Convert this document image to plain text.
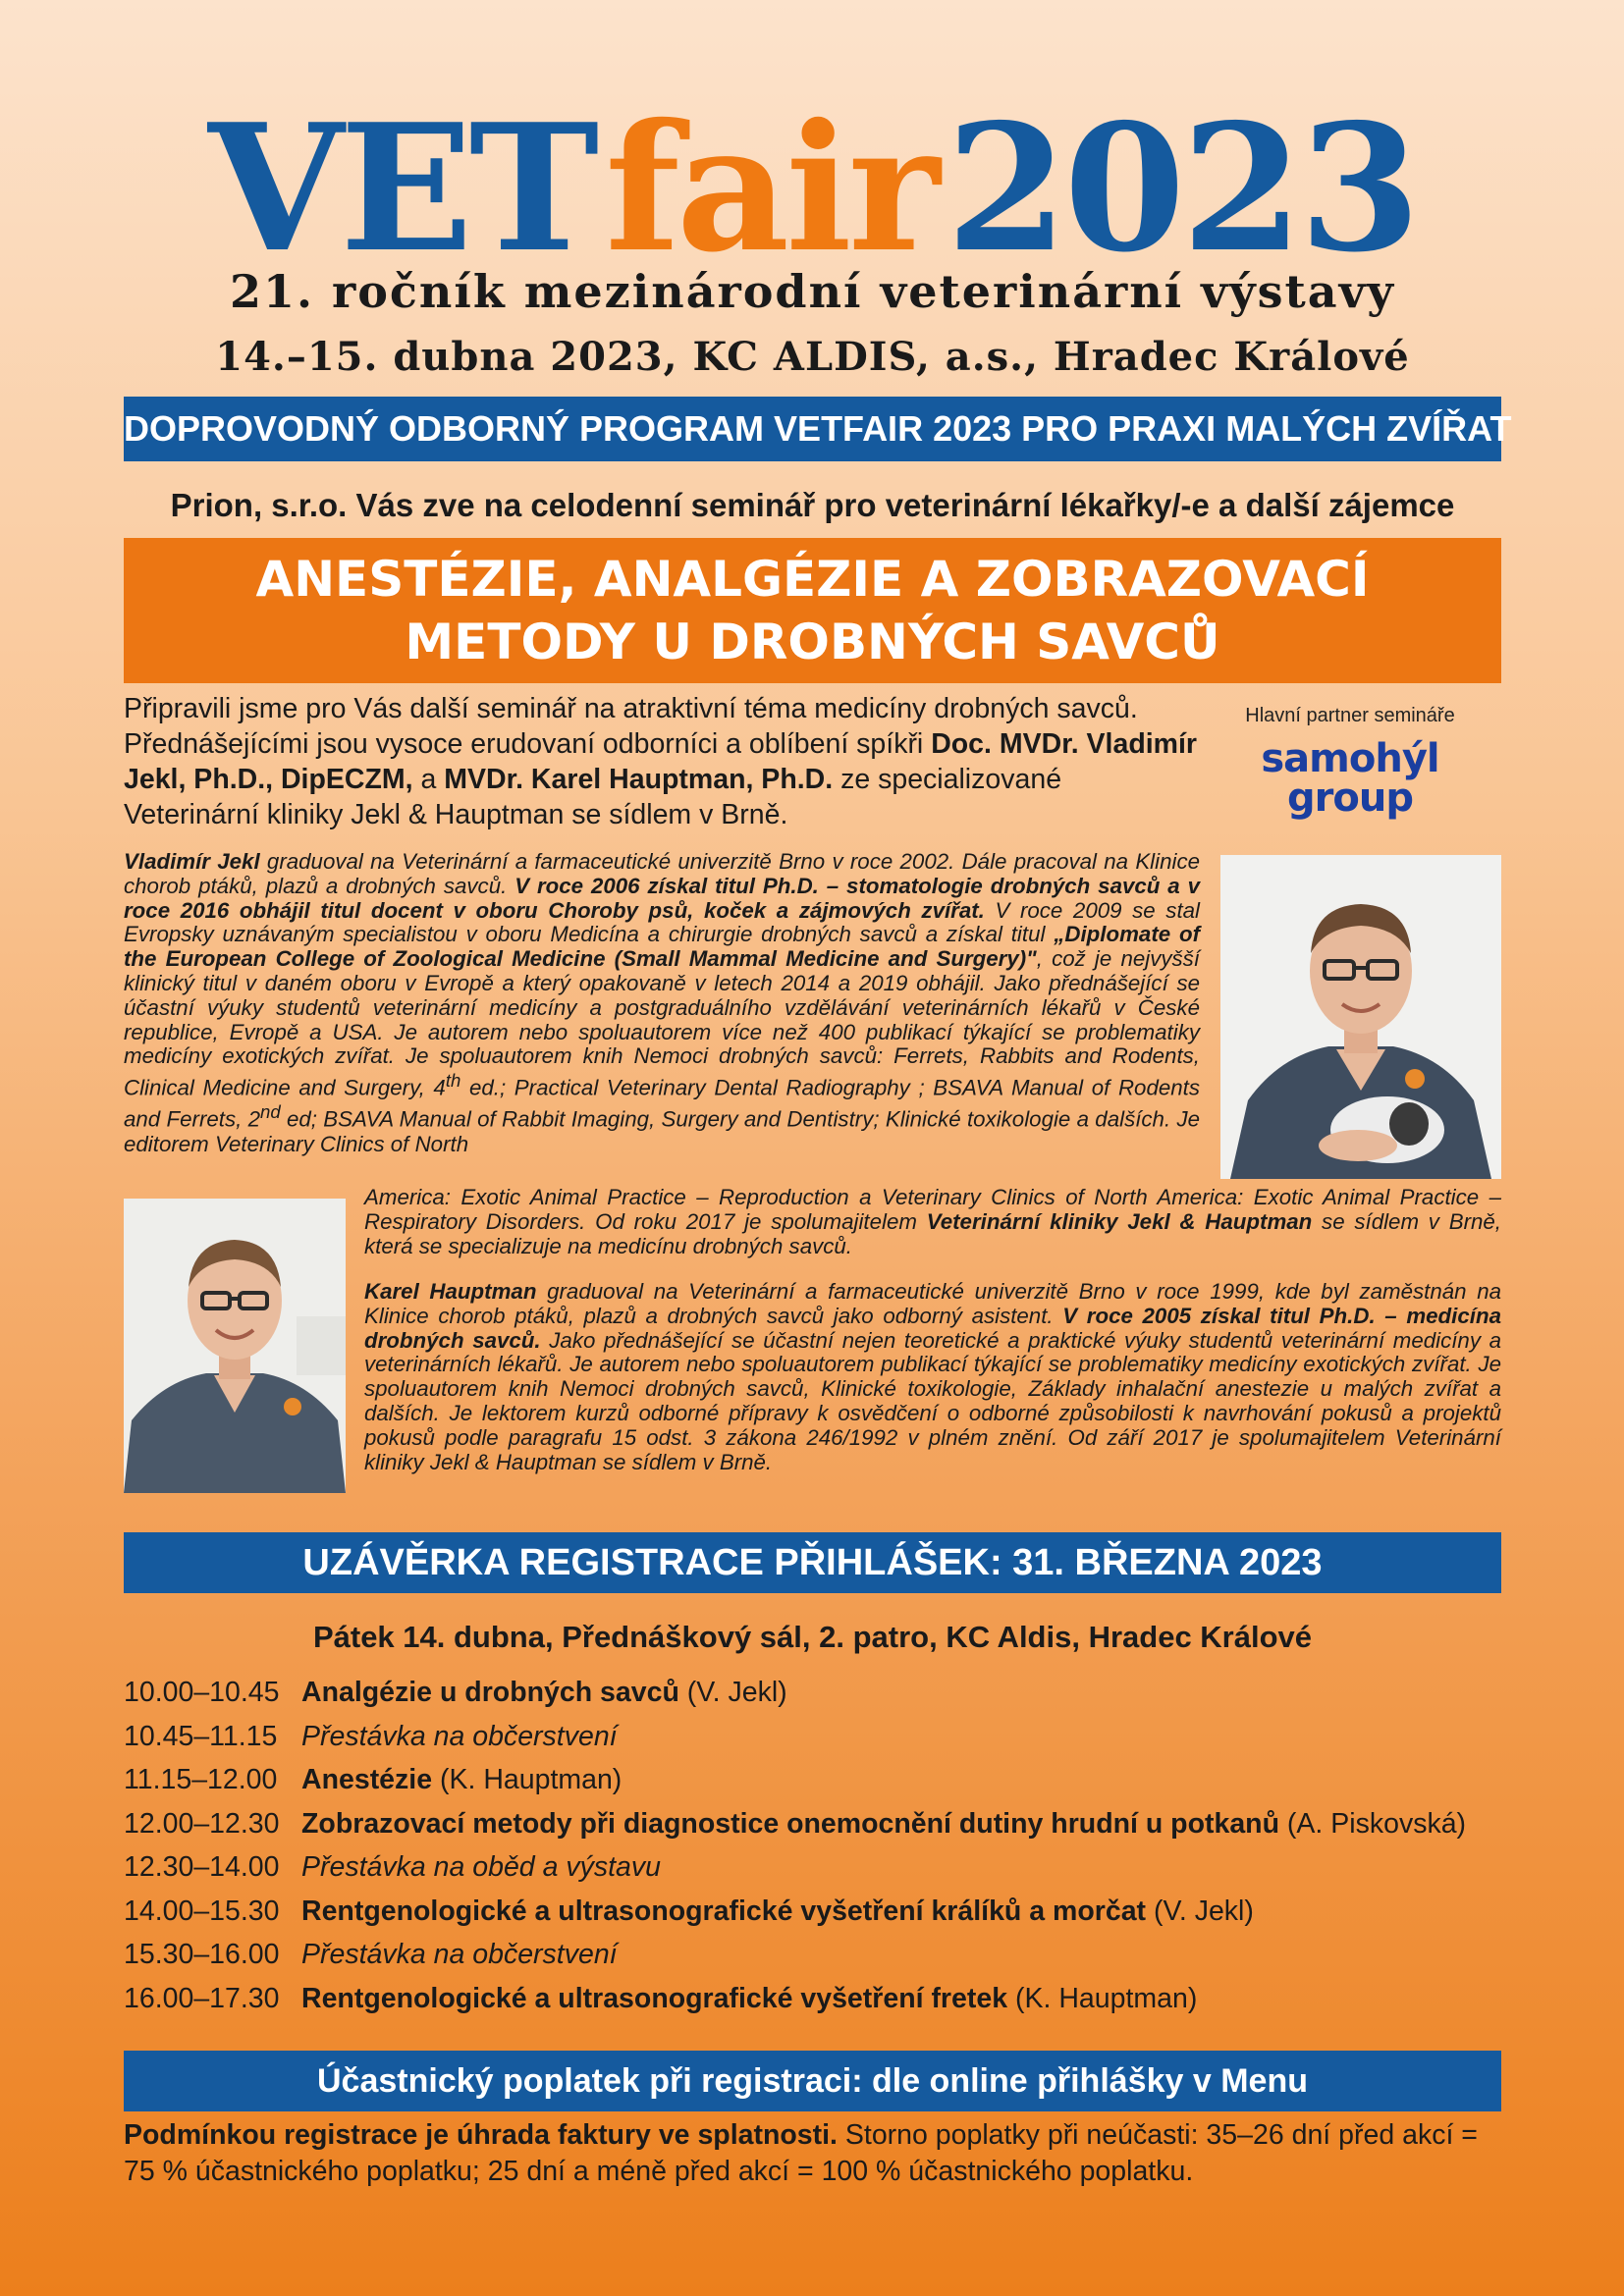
VETfair2023
21. ročník mezinárodní veterinární výstavy
14.–15. dubna 2023, KC ALDIS, a.s., Hradec Králové
DOPROVODNÝ ODBORNÝ PROGRAM VETFAIR 2023 PRO PRAXI MALÝCH ZVÍŘAT
Prion, s.r.o. Vás zve na celodenní seminář pro veterinární lékařky/-e a další zájemce
ANESTÉZIE, ANALGÉZIE A ZOBRAZOVACÍ
METODY U DROBNÝCH SAVCŮ
Připravili jsme pro Vás další seminář na atraktivní téma medicíny drobných savců. Přednášejícími jsou vysoce erudovaní odborníci a oblíbení spíkři Doc. MVDr. Vladimír Jekl, Ph.D., DipECZM, a MVDr. Karel Hauptman, Ph.D. ze specializované Veterinární kliniky Jekl & Hauptman se sídlem v Brně.
Hlavní partner semináře
samohýl
group
Vladimír Jekl graduoval na Veterinární a farmaceutické univerzitě Brno v roce 2002. Dále pracoval na Klinice chorob ptáků, plazů a drobných savců. V roce 2006 získal titul Ph.D. – stomatologie drobných savců a v roce 2016 obhájil titul docent v oboru Choroby psů, koček a zájmových zvířat. V roce 2009 se stal Evropsky uznávaným specialistou v oboru Medicína a chirurgie drobných savců a získal titul „Diplomate of the European College of Zoological Medicine (Small Mammal Medicine and Surgery)", což je nejvyšší klinický titul v daném oboru v Evropě a který opakovaně v letech 2014 a 2019 obhájil. Jako přednášející se účastní výuky studentů veterinární medicíny a postgraduálního vzdělávání veterinárních lékařů v České republice, Evropě a USA. Je autorem nebo spoluautorem více než 400 publikací týkající se problematiky medicíny exotických zvířat. Je spoluautorem knih Nemoci drobných savců: Ferrets, Rabbits and Rodents, Clinical Medicine and Surgery, 4th ed.; Practical Veterinary Dental Radiography ; BSAVA Manual of Rodents and Ferrets, 2nd ed; BSAVA Manual of Rabbit Imaging, Surgery and Dentistry; Klinické toxikologie a dalších. Je editorem Veterinary Clinics of North
America: Exotic Animal Practice – Reproduction a Veterinary Clinics of North America: Exotic Animal Practice – Respiratory Disorders. Od roku 2017 je spolumajitelem Veterinární kliniky Jekl & Hauptman se sídlem v Brně, která se specializuje na medicínu drobných savců.
Karel Hauptman graduoval na Veterinární a farmaceutické univerzitě Brno v roce 1999, kde byl zaměstnán na Klinice chorob ptáků, plazů a drobných savců jako odborný asistent. V roce 2005 získal titul Ph.D. – medicína drobných savců. Jako přednášející se účastní nejen teoretické a praktické výuky studentů veterinární medicíny a veterinárních lékařů. Je autorem nebo spoluautorem publikací týkající se problematiky medicíny exotických zvířat. Je spoluautorem knih Nemoci drobných savců, Klinické toxikologie, Základy inhalační anestezie u malých zvířat a dalších. Je lektorem kurzů odborné přípravy k osvědčení o odborné způsobilosti k navrhování pokusů a projektů pokusů podle paragrafu 15 odst. 3 zákona 246/1992 v plném znění. Od září 2017 je spolumajitelem Veterinární kliniky Jekl & Hauptman se sídlem v Brně.
UZÁVĚRKA REGISTRACE PŘIHLÁŠEK: 31. BŘEZNA 2023
Pátek 14. dubna, Přednáškový sál, 2. patro, KC Aldis, Hradec Králové
10.00–10.45 Analgézie u drobných savců (V. Jekl)
10.45–11.15 Přestávka na občerstvení
11.15–12.00 Anestézie (K. Hauptman)
12.00–12.30 Zobrazovací metody při diagnostice onemocnění dutiny hrudní u potkanů (A. Piskovská)
12.30–14.00 Přestávka na oběd a výstavu
14.00–15.30 Rentgenologické a ultrasonografické vyšetření králíků a morčat (V. Jekl)
15.30–16.00 Přestávka na občerstvení
16.00–17.30 Rentgenologické a ultrasonografické vyšetření fretek (K. Hauptman)
Účastnický poplatek při registraci: dle online přihlášky v Menu
Podmínkou registrace je úhrada faktury ve splatnosti. Storno poplatky při neúčasti: 35–26 dní před akcí = 75 % účastnického poplatku; 25 dní a méně před akcí = 100 % účastnického poplatku.
